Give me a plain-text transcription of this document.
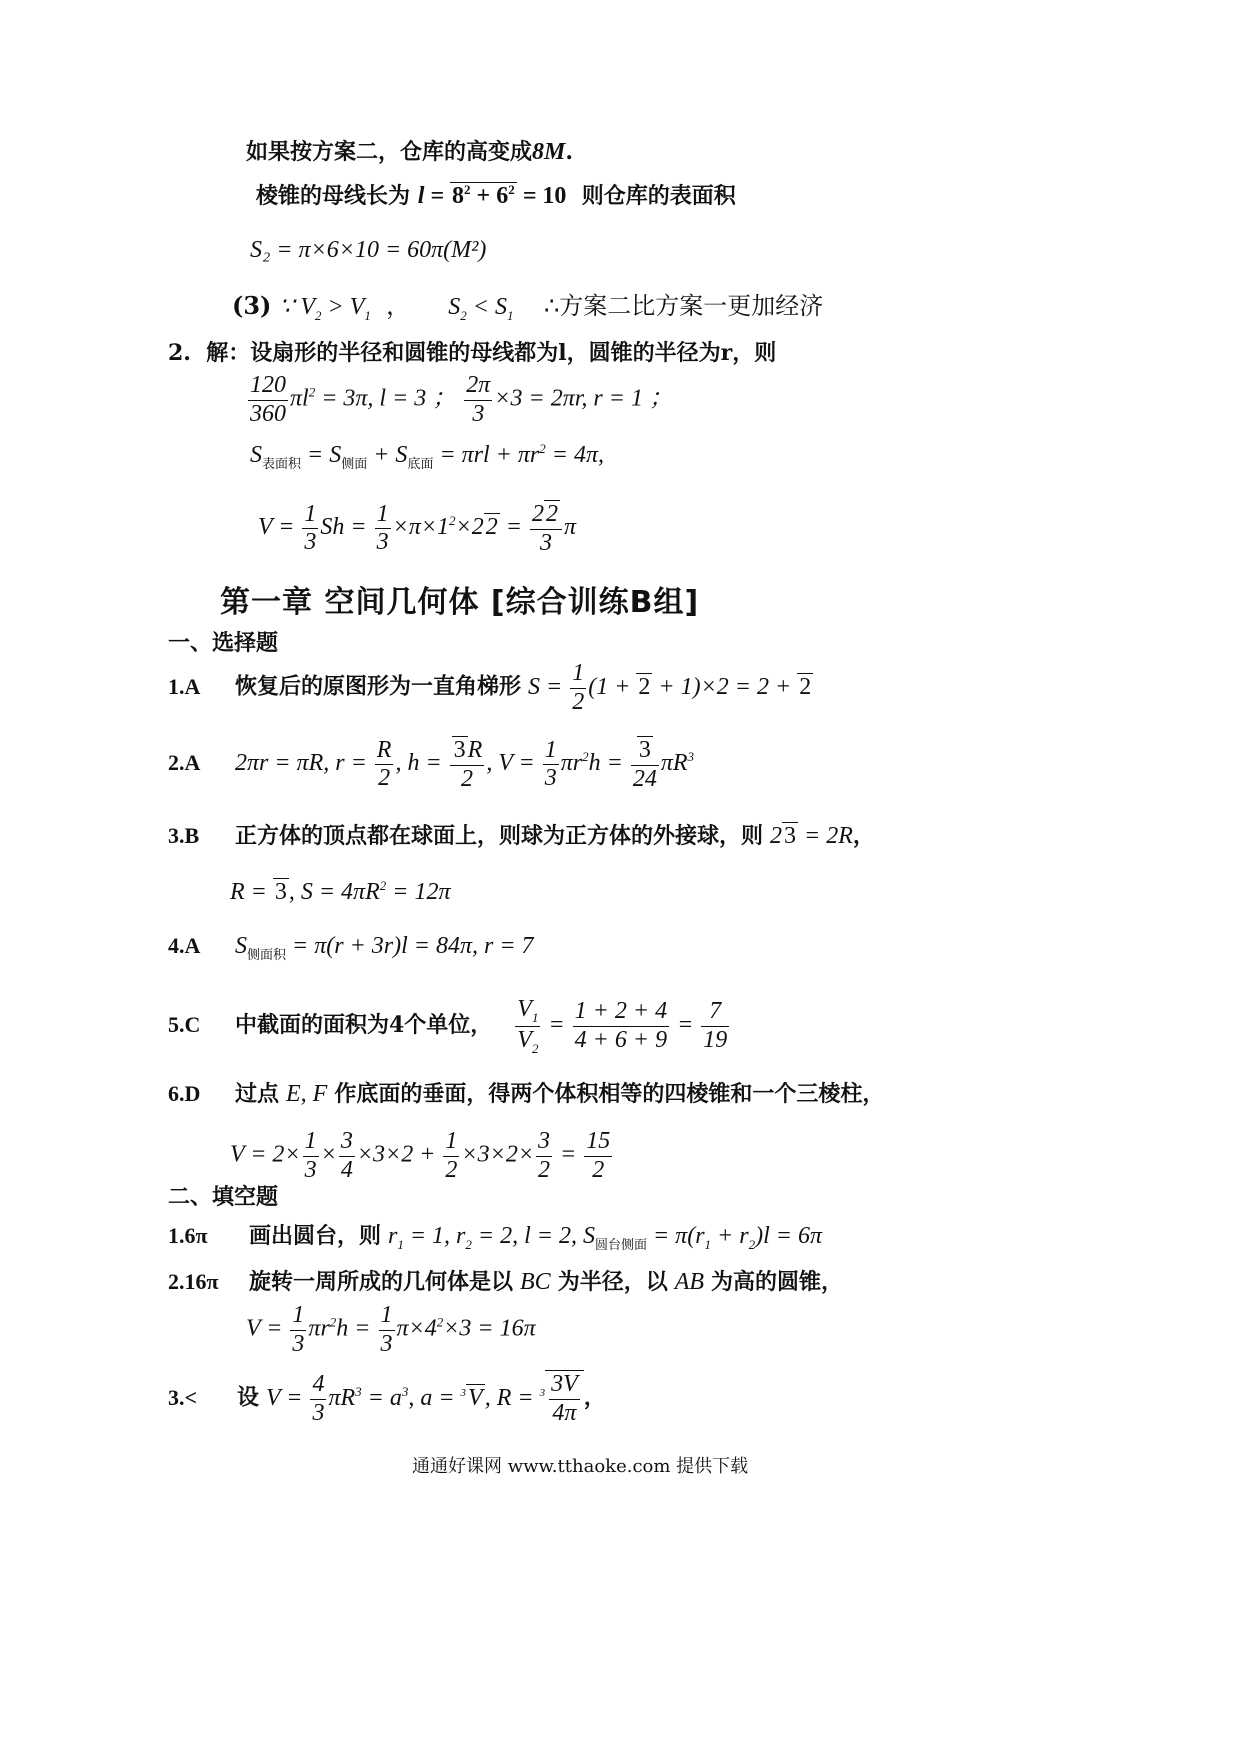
如果按方案二，仓库的高变成8M.
棱锥的母线长为 $l = 8^2 + 6^2 = 10$ 则仓库的表面积
S₂ = π×6×10 = 60π(M²)
(3) ∵ $V_2 > V_1$  ，     $S_2 < S_1$ ∴方案二比方案一更加经济
2. 解：设扇形的半径和圆锥的母线都为l，圆锥的半径为r，则
$\frac{120}{360} \pi l^2 = 3\pi$, l = 3 ； $\frac{2\pi}{3} \times 3 = 2\pi r$, r = 1 ；
$S_{表面积} = S_{侧面} + S_{底面} = \pi rl + \pi r^2 = 4\pi$,
$V = \frac{1}{3}$ $Sh = \frac{1}{3} \times\pi\times 1^2\times 22 = \frac{22}{3}$ π
第一章 空间几何体 [综合训练B组]
一、选择题
1.A 恢复后的原图形为一直角梯形 $S = \frac{1}{2} (1 + 2 + 1)\times 2 = 2 + 2$
2.A 2πr = πR, $r = \frac{R}{2}$ , $h = \frac{3R}{2}$ , $V = \frac{1}{3} \pi r^2h = \frac{3}{24} \pi R^3$
3.B 正方体的顶点都在球面上，则球为正方体的外接球，则 23 = 2R，
R = 3, $S = 4\pi R^2 = 12\pi$
4.A $S_{侧面积} = \pi(r + 3r)l = 84\pi$, r = 7
5.C 中截面的面积为4个单位， $\frac{V_1}{V_2} = \frac{1 + 2 + 4}{4 + 6 + 9} = \frac{7}{19}$
6.D 过点 E, F 作底面的垂面，得两个体积相等的四棱锥和一个三棱柱，
$V = 2\times \frac{1}{3} \times \frac{3}{4} \times 3\times 2 + \frac{1}{2} \times 3\times 2\times \frac{3}{2} = \frac{15}{2}$
二、填空题
1.6π 画出圆台，则 $r_1 = 1$, $r_2 = 2$, l = 2, $S_{圆台侧面} = \pi(r_1 + r_2)l = 6\pi$
2.16π 旋转一周所成的几何体是以 BC 为半径，以 AB 为高的圆锥，
$V = \frac{1}{3} \pi r^2h = \frac{1}{3} \pi\times 4^2\times 3 = 16\pi$
3.< 设 $V = \frac{4}{3} \pi R^3 = a^3$, a = $^3$V, $R = ^3 \frac{3V}{4\pi}$ ，
通通好课网 www.tthaoke.com 提供下载
